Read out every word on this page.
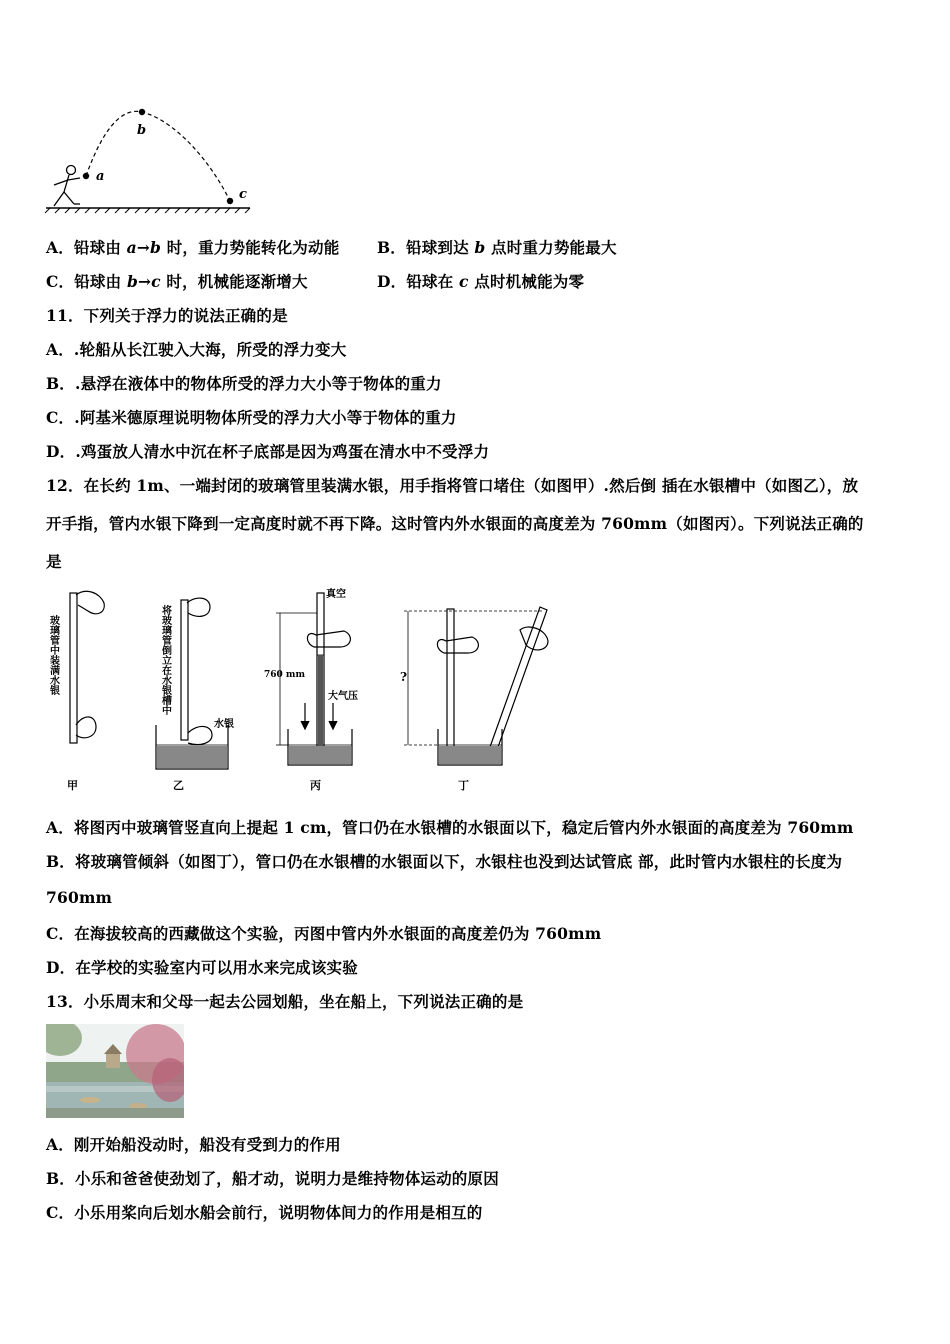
a
b
c
A．铅球由 a→b 时，重力势能转化为动能 B．铅球到达 b 点时重力势能最大
C．铅球由 b→c 时，机械能逐渐增大	D．铅球在 c 点时机械能为零
11．下列关于浮力的说法正确的是
A．.轮船从长江驶入大海，所受的浮力变大
B．.悬浮在液体中的物体所受的浮力大小等于物体的重力
C．.阿基米德原理说明物体所受的浮力大小等于物体的重力
D．.鸡蛋放人清水中沉在杯子底部是因为鸡蛋在清水中不受浮力
12．在长约 1m、一端封闭的玻璃管里装满水银，用手指将管口堵住（如图甲）.然后倒 插在水银槽中（如图乙），放
开手指，管内水银下降到一定高度时就不再下降。这时管内外水银面的高度差为 760mm（如图丙）。下列说法正确的
是
玻璃管中装满水银	将玻璃管倒立在水银槽中
水银
真空
760 mm
大气压
?
甲	乙	丙	丁
A．将图丙中玻璃管竖直向上提起 1 cm，管口仍在水银槽的水银面以下，稳定后管内外水银面的高度差为 760mm
B．将玻璃管倾斜（如图丁），管口仍在水银槽的水银面以下，水银柱也没到达试管底 部，此时管内水银柱的长度为
760mm
C．在海拔较高的西藏做这个实验，丙图中管内外水银面的高度差仍为 760mm
D．在学校的实验室内可以用水来完成该实验
13．小乐周末和父母一起去公园划船，坐在船上，下列说法正确的是
A．刚开始船没动时，船没有受到力的作用
B．小乐和爸爸使劲划了，船才动，说明力是维持物体运动的原因
C．小乐用桨向后划水船会前行，说明物体间力的作用是相互的
